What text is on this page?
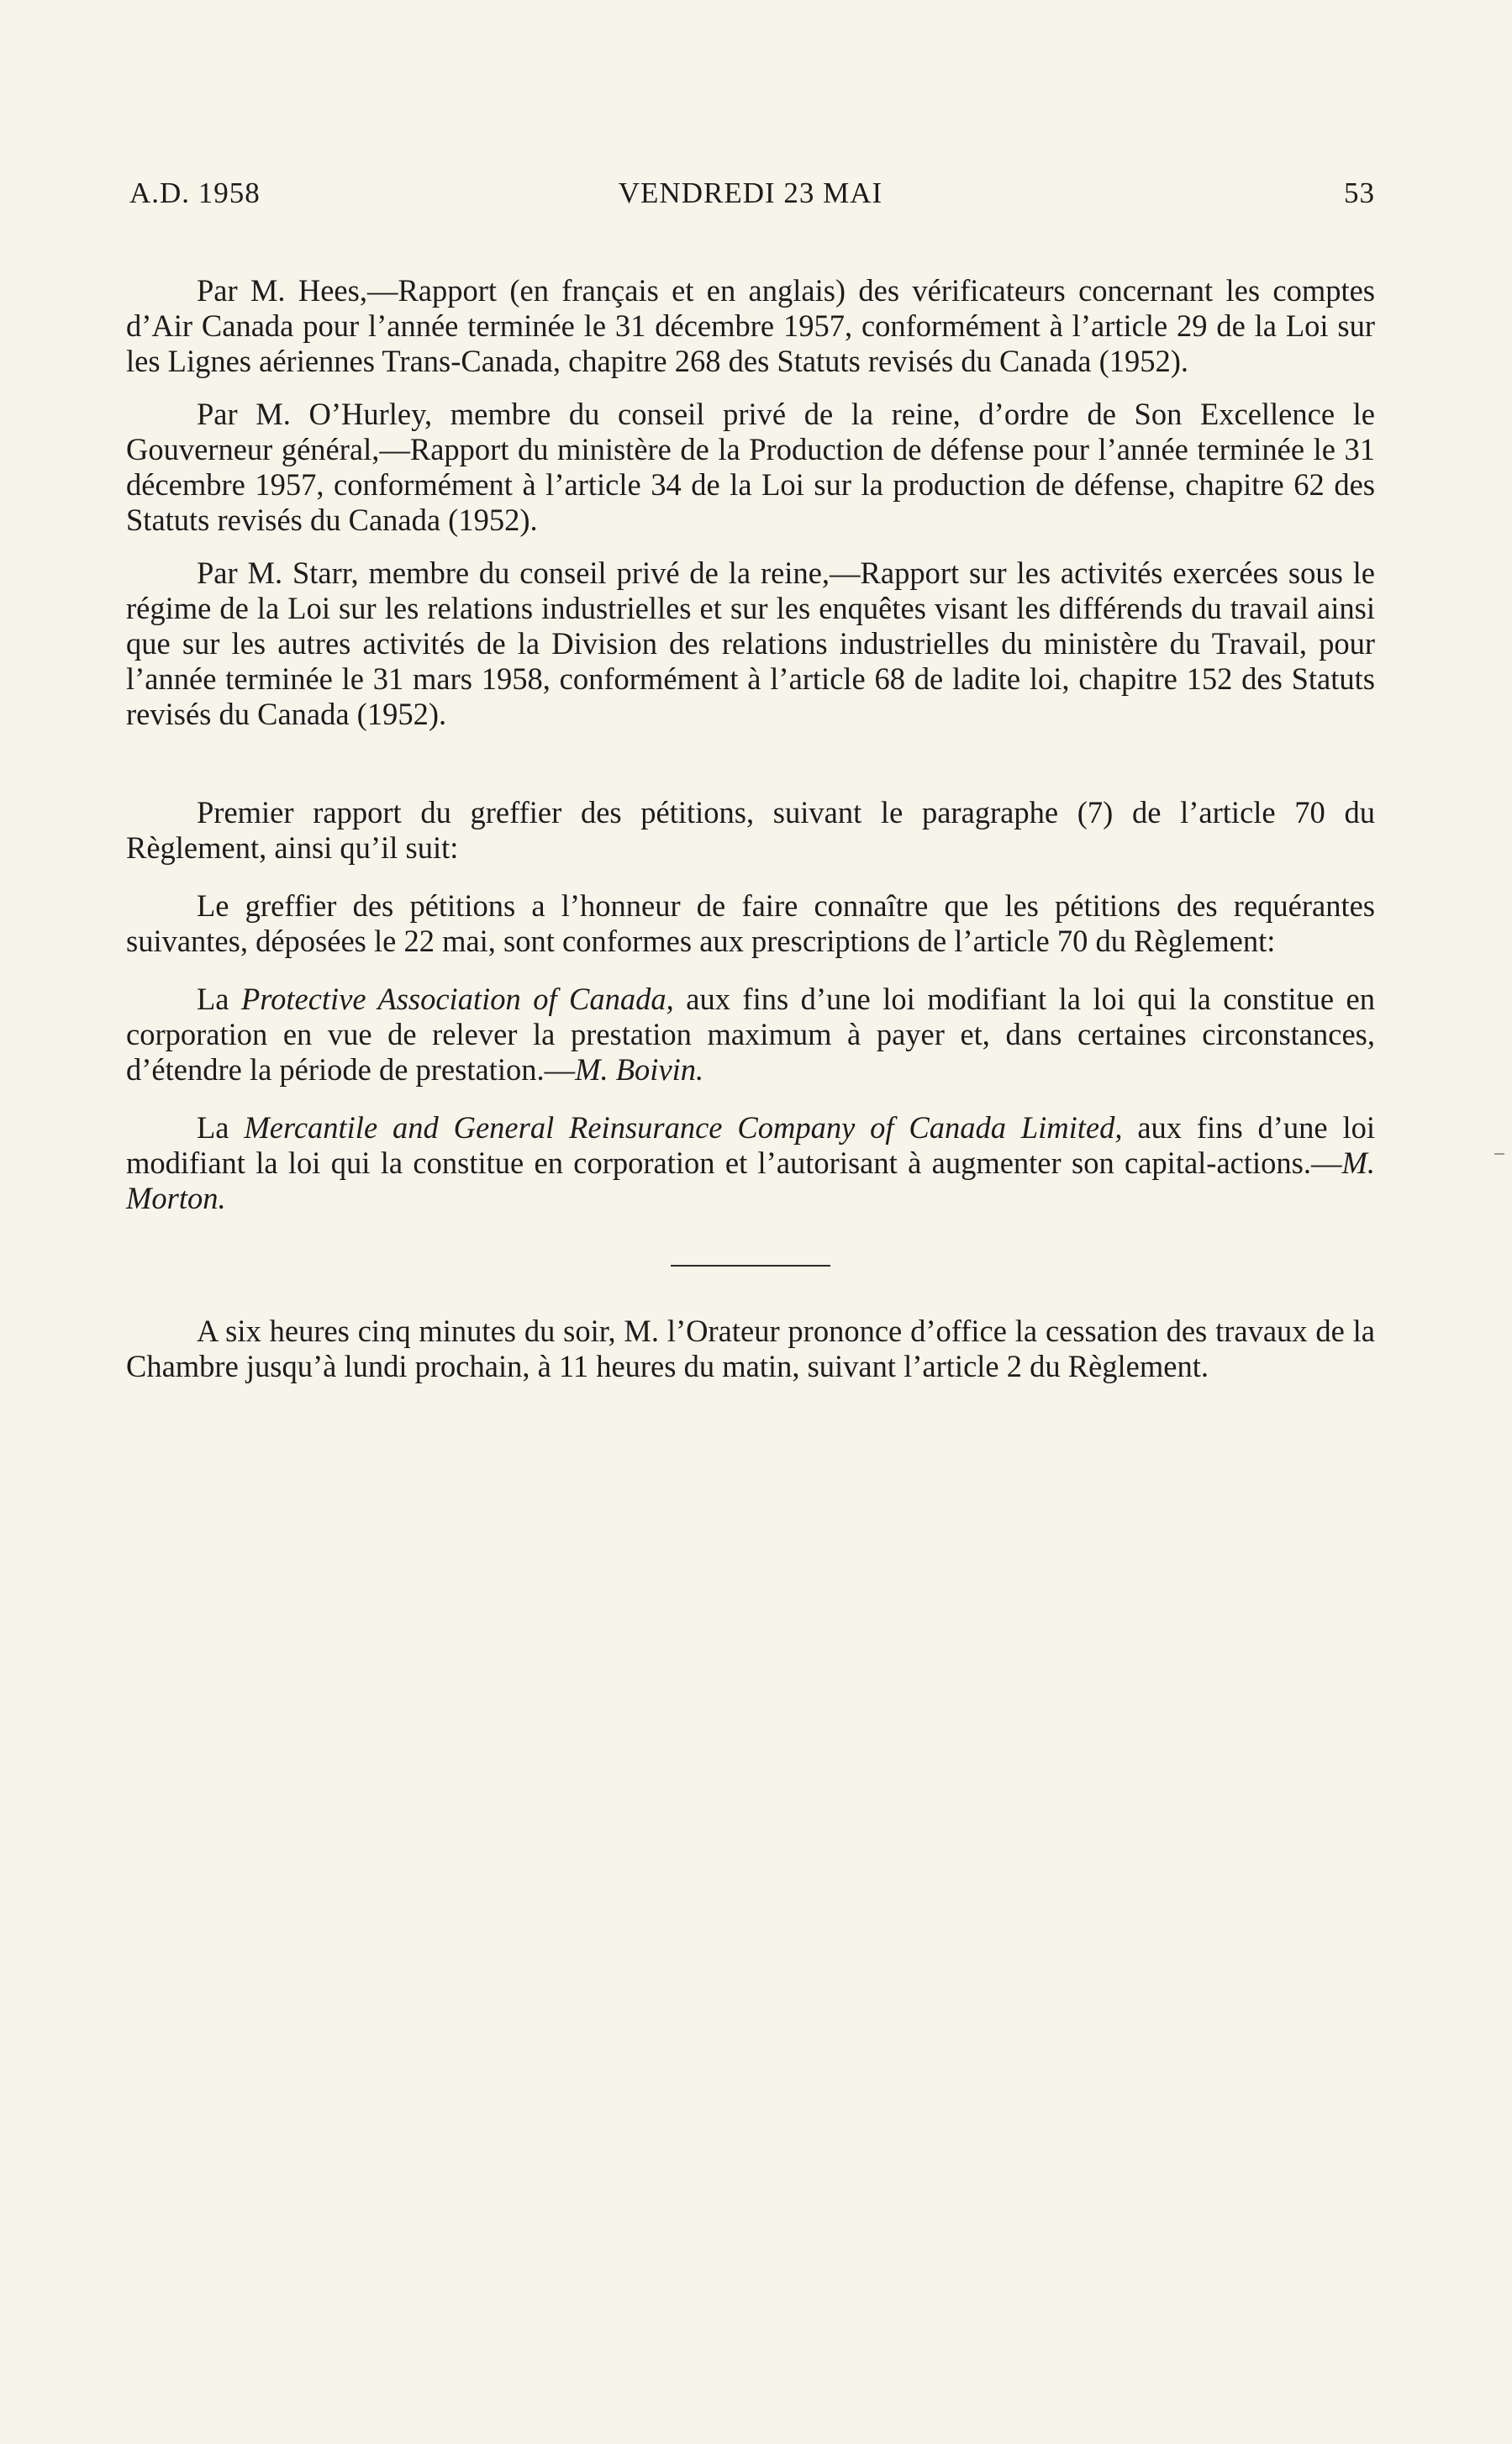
A.D. 1958	VENDREDI 23 MAI	53

Par M. Hees,—Rapport (en français et en anglais) des vérificateurs concernant les comptes d’Air Canada pour l’année terminée le 31 décembre 1957, conformément à l’article 29 de la Loi sur les Lignes aériennes Trans-Canada, chapitre 268 des Statuts revisés du Canada (1952).

Par M. O’Hurley, membre du conseil privé de la reine, d’ordre de Son Excellence le Gouverneur général,—Rapport du ministère de la Production de défense pour l’année terminée le 31 décembre 1957, conformément à l’article 34 de la Loi sur la production de défense, chapitre 62 des Statuts revisés du Canada (1952).

Par M. Starr, membre du conseil privé de la reine,—Rapport sur les activités exercées sous le régime de la Loi sur les relations industrielles et sur les enquêtes visant les différends du travail ainsi que sur les autres activités de la Division des relations industrielles du ministère du Travail, pour l’année terminée le 31 mars 1958, conformément à l’article 68 de ladite loi, chapitre 152 des Statuts revisés du Canada (1952).

Premier rapport du greffier des pétitions, suivant le paragraphe (7) de l’article 70 du Règlement, ainsi qu’il suit:

Le greffier des pétitions a l’honneur de faire connaître que les pétitions des requérantes suivantes, déposées le 22 mai, sont conformes aux prescriptions de l’article 70 du Règlement:

La Protective Association of Canada, aux fins d’une loi modifiant la loi qui la constitue en corporation en vue de relever la prestation maximum à payer et, dans certaines circonstances, d’étendre la période de prestation.—M. Boivin.

La Mercantile and General Reinsurance Company of Canada Limited, aux fins d’une loi modifiant la loi qui la constitue en corporation et l’autorisant à augmenter son capital-actions.—M. Morton.

A six heures cinq minutes du soir, M. l’Orateur prononce d’office la cessation des travaux de la Chambre jusqu’à lundi prochain, à 11 heures du matin, suivant l’article 2 du Règlement.
